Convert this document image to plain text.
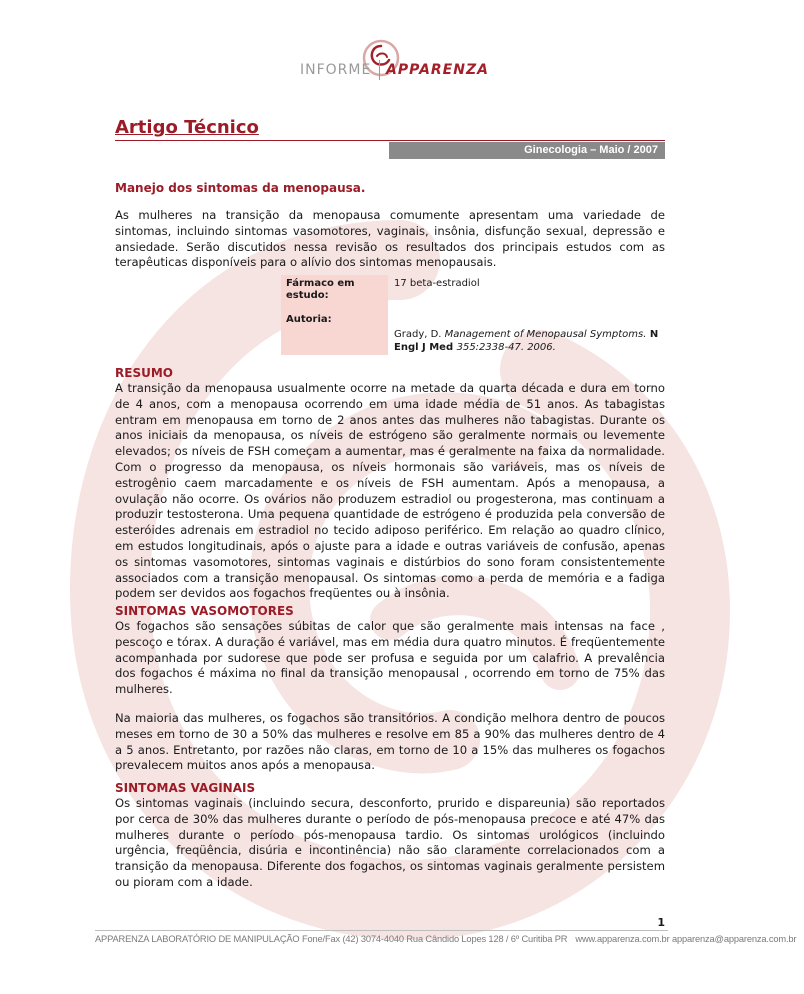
INFORME APPARENZA
Artigo Técnico
Ginecologia – Maio / 2007
Manejo dos sintomas da menopausa.

As mulheres na transição da menopausa comumente apresentam uma variedade de sintomas, incluindo sintomas vasomotores, vaginais, insônia, disfunção sexual, depressão e ansiedade. Serão discutidos nessa revisão os resultados dos principais estudos com as terapêuticas disponíveis para o alívio dos sintomas menopausais.

Fármaco em estudo:
17 beta-estradiol
Autoria:
Grady, D. Management of Menopausal Symptoms. N Engl J Med 355:2338-47. 2006.

RESUMO

A transição da menopausa usualmente ocorre na metade da quarta década e dura em torno de 4 anos, com a menopausa ocorrendo em uma idade média de 51 anos. As tabagistas entram em menopausa em torno de 2 anos antes das mulheres não tabagistas. Durante os anos iniciais da menopausa, os níveis de estrógeno são geralmente normais ou levemente elevados; os níveis de FSH começam a aumentar, mas é geralmente na faixa da normalidade. Com o progresso da menopausa, os níveis hormonais são variáveis, mas os níveis de estrogênio caem marcadamente e os níveis de FSH aumentam. Após a menopausa, a ovulação não ocorre. Os ovários não produzem estradiol ou progesterona, mas continuam a produzir testosterona. Uma pequena quantidade de estrógeno é produzida pela conversão de esteróides adrenais em estradiol no tecido adiposo periférico. Em relação ao quadro clínico, em estudos longitudinais, após o ajuste para a idade e outras variáveis de confusão, apenas os sintomas vasomotores, sintomas vaginais e distúrbios do sono foram consistentemente associados com a transição menopausal. Os sintomas como a perda de memória e a fadiga podem ser devidos aos fogachos freqüentes ou à insônia.

SINTOMAS VASOMOTORES

Os fogachos são sensações súbitas de calor que são geralmente mais intensas na face , pescoço e tórax. A duração é variável, mas em média dura quatro minutos. É freqüentemente acompanhada por sudorese que pode ser profusa e seguida por um calafrio. A prevalência dos fogachos é máxima no final da transição menopausal , ocorrendo em torno de 75% das mulheres.

Na maioria das mulheres, os fogachos são transitórios. A condição melhora dentro de poucos meses em torno de 30 a 50% das mulheres e resolve em 85 a 90% das mulheres dentro de 4 a 5 anos. Entretanto, por razões não claras, em torno de 10 a 15% das mulheres os fogachos prevalecem muitos anos após a menopausa.

SINTOMAS VAGINAIS

Os sintomas vaginais (incluindo secura, desconforto, prurido e dispareunia) são reportados por cerca de 30% das mulheres durante o período de pós-menopausa precoce e até 47% das mulheres durante o período pós-menopausa tardio. Os sintomas urológicos (incluindo urgência, freqüência, disúria e incontinência) não são claramente correlacionados com a transição da menopausa. Diferente dos fogachos, os sintomas vaginais geralmente persistem ou pioram com a idade.

1
APPARENZA LABORATÓRIO DE MANIPULAÇÃO Fone/Fax (42) 3074-4040 Rua Cândido Lopes 128 / 6º Curitiba PR www.apparenza.com.br apparenza@apparenza.com.br
